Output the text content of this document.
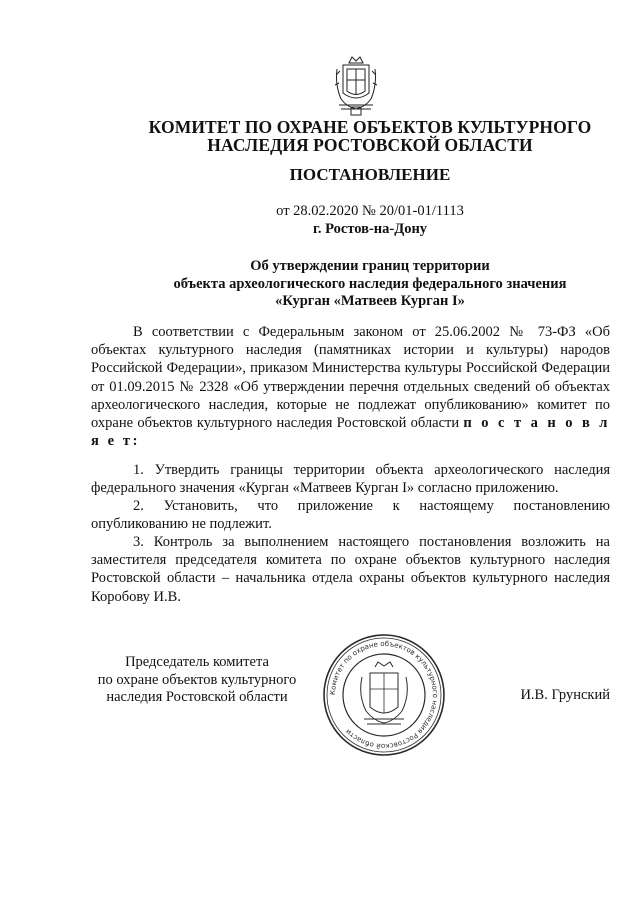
КОМИТЕТ ПО ОХРАНЕ ОБЪЕКТОВ КУЛЬТУРНОГО
НАСЛЕДИЯ РОСТОВСКОЙ ОБЛАСТИ
ПОСТАНОВЛЕНИЕ
от 28.02.2020 № 20/01-01/1113
г. Ростов-на-Дону
Об утверждении границ территории
объекта археологического наследия федерального значения
«Курган «Матвеев Курган I»
В соответствии с Федеральным законом от 25.06.2002 № 73-ФЗ «Об объектах культурного наследия (памятниках истории и культуры) народов Российской Федерации», приказом Министерства культуры Российской Федерации от 01.09.2015 № 2328 «Об утверждении перечня отдельных сведений об объектах археологического наследия, которые не подлежат опубликованию» комитет по охране объектов культурного наследия Ростовской области п о с т а н о в л я е т:
1. Утвердить границы территории объекта археологического наследия федерального значения «Курган «Матвеев Курган I» согласно приложению.
2. Установить, что приложение к настоящему постановлению опубликованию не подлежит.
3. Контроль за выполнением настоящего постановления возложить на заместителя председателя комитета по охране объектов культурного наследия Ростовской области – начальника отдела охраны объектов культурного наследия Коробову И.В.
Председатель комитета
по охране объектов культурного
наследия Ростовской области	Комитет по охране объектов культурного наследия Ростовской области
И.В. Грунский
